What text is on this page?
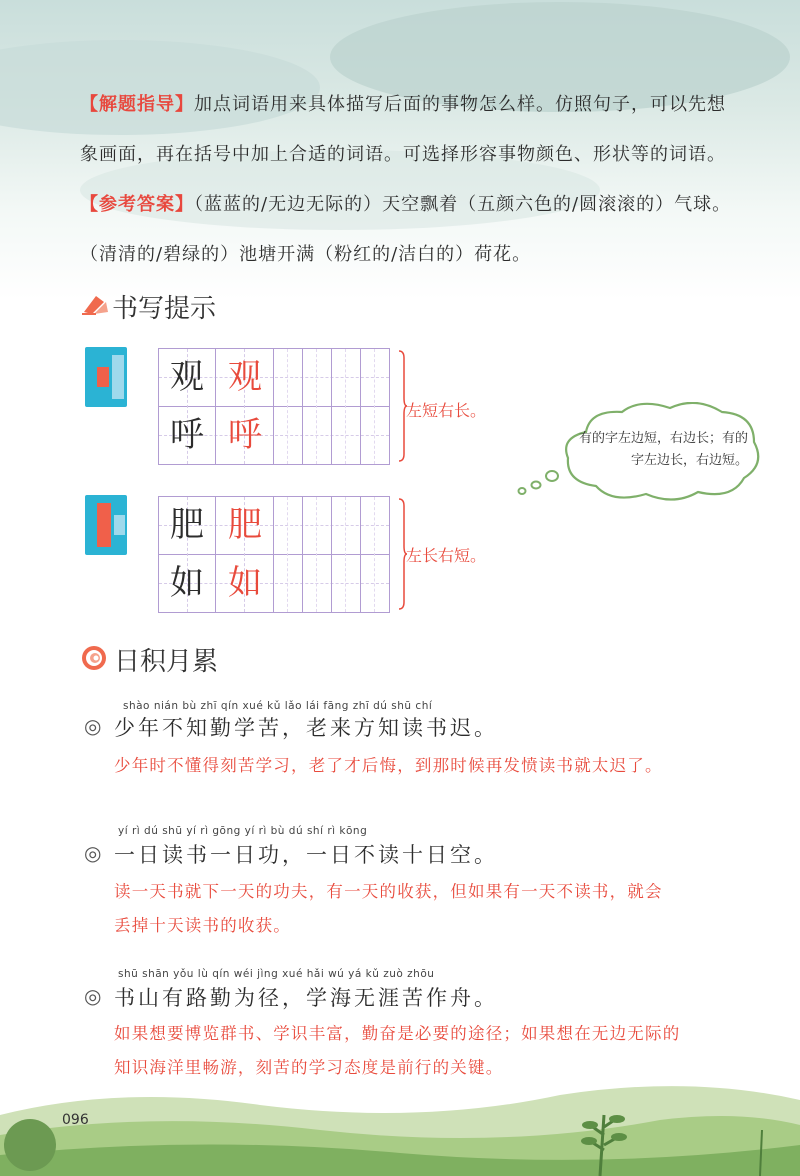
【解题指导】加点词语用来具体描写后面的事物怎么样。仿照句子，可以先想

象画面，再在括号中加上合适的词语。可选择形容事物颜色、形状等的词语。

【参考答案】（蓝蓝的/无边无际的）天空飘着（五颜六色的/圆滚滚的）气球。

（清清的/碧绿的）池塘开满（粉红的/洁白的）荷花。

书写提示

观 观
呼 呼

左短右长。

有的字左边短，右边长；有的字左边长，右边短。

肥 肥
如 如

左长右短。

日积月累

shào nián bù zhī qín xué kǔ lǎo lái fāng zhī dú shū chí

◎ 少年不知勤学苦，老来方知读书迟。

少年时不懂得刻苦学习，老了才后悔，到那时候再发愤读书就太迟了。

yí rì dú shū yí rì gōng yí rì bù dú shí rì kōng

◎ 一日读书一日功，一日不读十日空。

读一天书就下一天的功夫，有一天的收获，但如果有一天不读书，就会

丢掉十天读书的收获。

shū shān yǒu lù qín wéi jìng xué hǎi wú yá kǔ zuò zhōu

◎ 书山有路勤为径，学海无涯苦作舟。

如果想要博览群书、学识丰富，勤奋是必要的途径；如果想在无边无际的

知识海洋里畅游，刻苦的学习态度是前行的关键。

096
